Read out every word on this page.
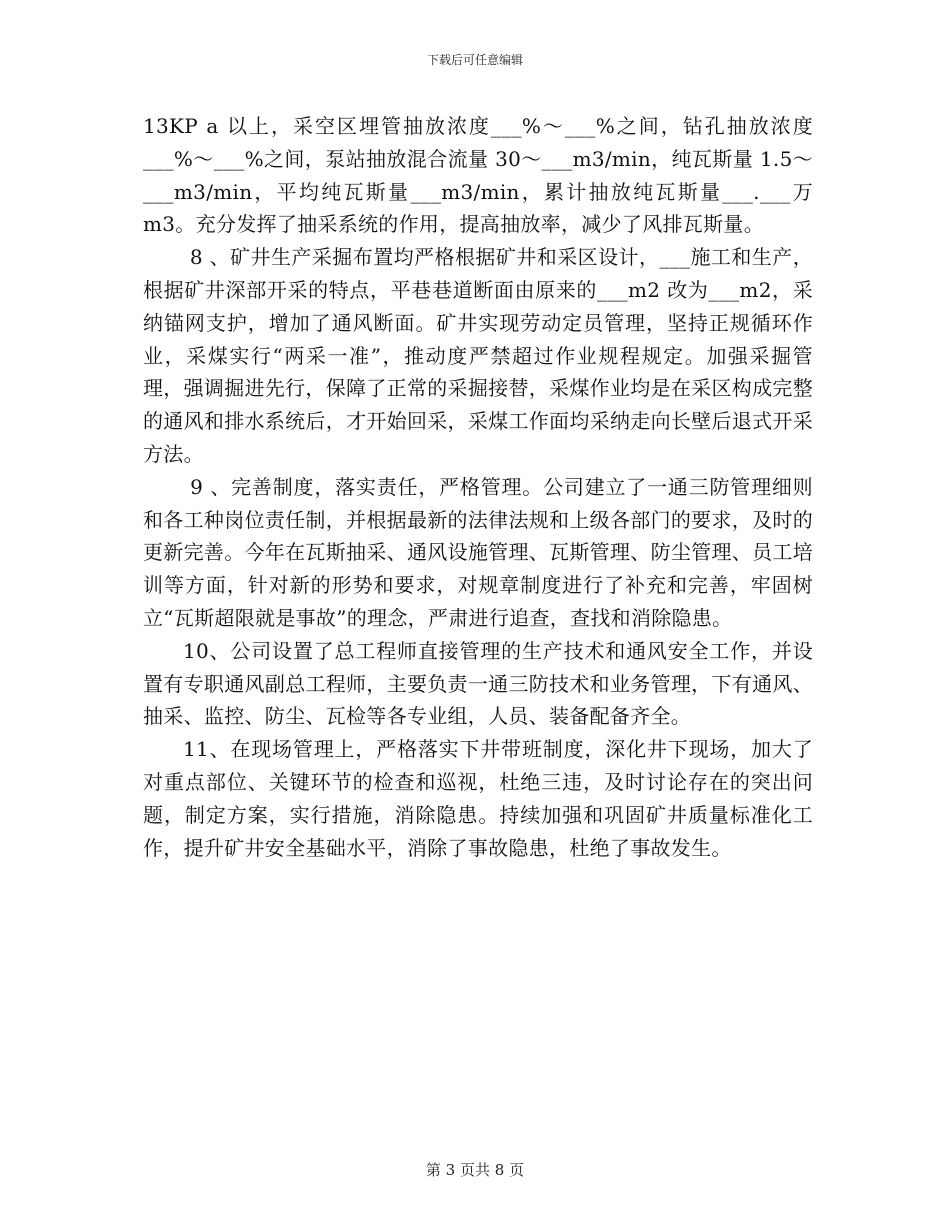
下载后可任意编辑

13KP a 以上，采空区埋管抽放浓度___%～___%之间，钻孔抽放浓度___%～___%之间，泵站抽放混合流量 30～___m3/min，纯瓦斯量 1.5～___m3/min，平均纯瓦斯量___m3/min，累计抽放纯瓦斯量___.___万m3。充分发挥了抽采系统的作用，提高抽放率，减少了风排瓦斯量。

8 、矿井生产采掘布置均严格根据矿井和采区设计，___施工和生产，根据矿井深部开采的特点，平巷巷道断面由原来的___m2 改为___m2，采纳锚网支护，增加了通风断面。矿井实现劳动定员管理，坚持正规循环作业，采煤实行“两采一准”，推动度严禁超过作业规程规定。加强采掘管理，强调掘进先行，保障了正常的采掘接替，采煤作业均是在采区构成完整的通风和排水系统后，才开始回采，采煤工作面均采纳走向长壁后退式开采方法。

9 、完善制度，落实责任，严格管理。公司建立了一通三防管理细则和各工种岗位责任制，并根据最新的法律法规和上级各部门的要求，及时的更新完善。今年在瓦斯抽采、通风设施管理、瓦斯管理、防尘管理、员工培训等方面，针对新的形势和要求，对规章制度进行了补充和完善，牢固树立“瓦斯超限就是事故”的理念，严肃进行追查，查找和消除隐患。

10、公司设置了总工程师直接管理的生产技术和通风安全工作，并设置有专职通风副总工程师，主要负责一通三防技术和业务管理，下有通风、抽采、监控、防尘、瓦检等各专业组，人员、装备配备齐全。

11、在现场管理上，严格落实下井带班制度，深化井下现场，加大了对重点部位、关键环节的检查和巡视，杜绝三违，及时讨论存在的突出问题，制定方案，实行措施，消除隐患。持续加强和巩固矿井质量标准化工作，提升矿井安全基础水平，消除了事故隐患，杜绝了事故发生。

第 3 页共 8 页
